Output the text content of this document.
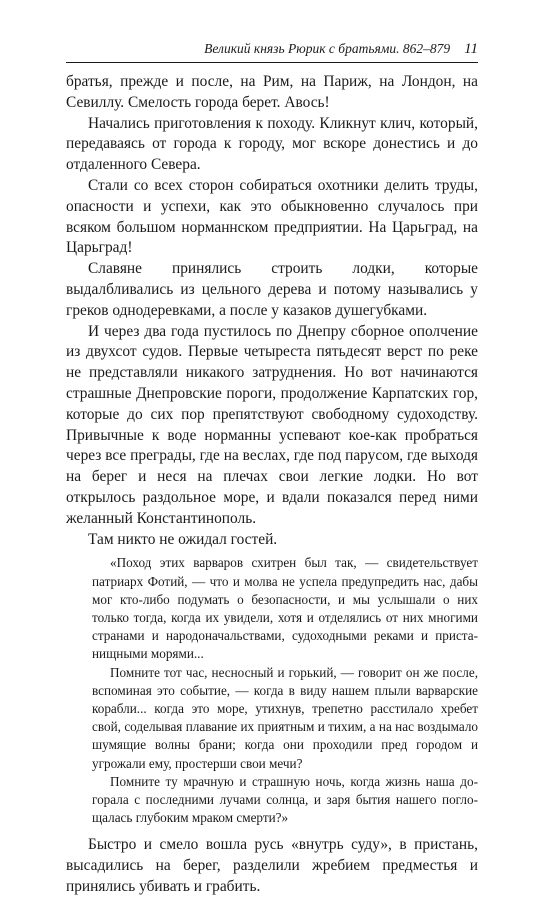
Великий князь Рюрик с братьями. 862–879 11

братья, прежде и после, на Рим, на Париж, на Лондон, на Севиллу. Смелость города берет. Авось!

Начались приготовления к походу. Кликнут клич, который, передаваясь от города к городу, мог вскоре донестись и до отдаленного Севера.

Стали со всех сторон собираться охотники делить труды, опасности и успехи, как это обыкновенно случалось при всяком большом норманнском предприятии. На Царьград, на Царьград!

Славяне принялись строить лодки, которые выдалбливались из цельного дерева и потому назывались у греков однодеревками, а после у казаков душегубками.

И через два года пустилось по Днепру сборное ополчение из двухсот судов. Первые четыреста пятьдесят верст по реке не представляли никакого затруднения. Но вот начинаются страшные Днепровские пороги, продолжение Карпатских гор, которые до сих пор препятствуют свободному судоходству. Привычные к воде норманны успевают кое-как пробраться через все преграды, где на веслах, где под парусом, где выходя на берег и неся на плечах свои легкие лодки. Но вот открылось раздольное море, и вдали показался перед ними желанный Константинополь.

Там никто не ожидал гостей.

«Поход этих варваров схитрен был так, — свидетельствует патриарх Фотий, — что и молва не успела предупредить нас, дабы мог кто-либо подумать о безопасности, и мы услышали о них только тогда, когда их увидели, хотя и отделялись от них многими странами и народоначальствами, судоходными реками и пристанищными морями...

Помните тот час, несносный и горький, — говорит он же после, вспоминая это событие, — когда в виду нашем плыли варварские корабли... когда это море, утихнув, трепетно расстилало хребет свой, соделывая плавание их приятным и тихим, а на нас воздымало шумящие волны брани; когда они проходили пред городом и угрожали ему, простерши свои мечи?

Помните ту мрачную и страшную ночь, когда жизнь наша догорала с последними лучами солнца, и заря бытия нашего поглощалась глубоким мраком смерти?»

Быстро и смело вошла русь «внутрь суду», в пристань, высадились на берег, разделили жребием предместья и принялись убивать и грабить.
